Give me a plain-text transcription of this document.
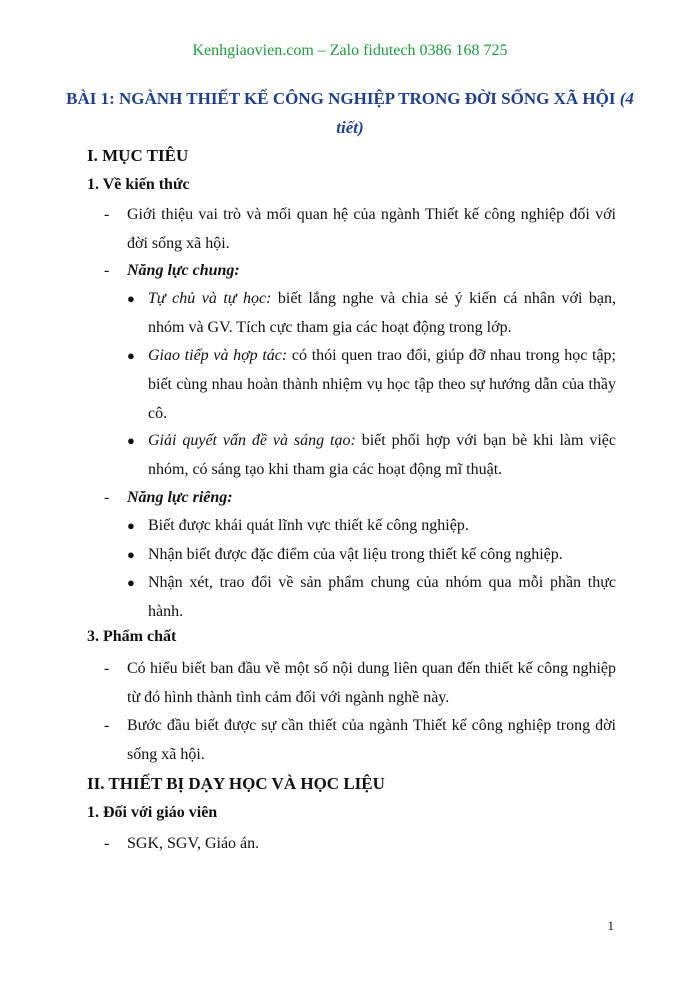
Kenhgiaovien.com – Zalo fidutech 0386 168 725
BÀI 1: NGÀNH THIẾT KẾ CÔNG NGHIỆP TRONG ĐỜI SỐNG XÃ HỘI (4 tiết)
I. MỤC TIÊU
1. Về kiến thức
- Giới thiệu vai trò và mối quan hệ của ngành Thiết kế công nghiệp đối với đời sống xã hội.
- Năng lực chung:
● Tự chủ và tự học: biết lắng nghe và chia sẻ ý kiến cá nhân với bạn, nhóm và GV. Tích cực tham gia các hoạt động trong lớp.
● Giao tiếp và hợp tác: có thói quen trao đổi, giúp đỡ nhau trong học tập; biết cùng nhau hoàn thành nhiệm vụ học tập theo sự hướng dẫn của thầy cô.
● Giải quyết vấn đề và sáng tạo: biết phối hợp với bạn bè khi làm việc nhóm, có sáng tạo khi tham gia các hoạt động mĩ thuật.
- Năng lực riêng:
● Biết được khái quát lĩnh vực thiết kế công nghiệp.
● Nhận biết được đặc điểm của vật liệu trong thiết kế công nghiệp.
● Nhận xét, trao đổi về sản phẩm chung của nhóm qua mỗi phần thực hành.
3. Phẩm chất
- Có hiểu biết ban đầu về một số nội dung liên quan đến thiết kế công nghiệp từ đó hình thành tình cảm đối với ngành nghề này.
- Bước đầu biết được sự cần thiết của ngành Thiết kế công nghiệp trong đời sống xã hội.
II. THIẾT BỊ DẠY HỌC VÀ HỌC LIỆU
1. Đối với giáo viên
- SGK, SGV, Giáo án.
1
